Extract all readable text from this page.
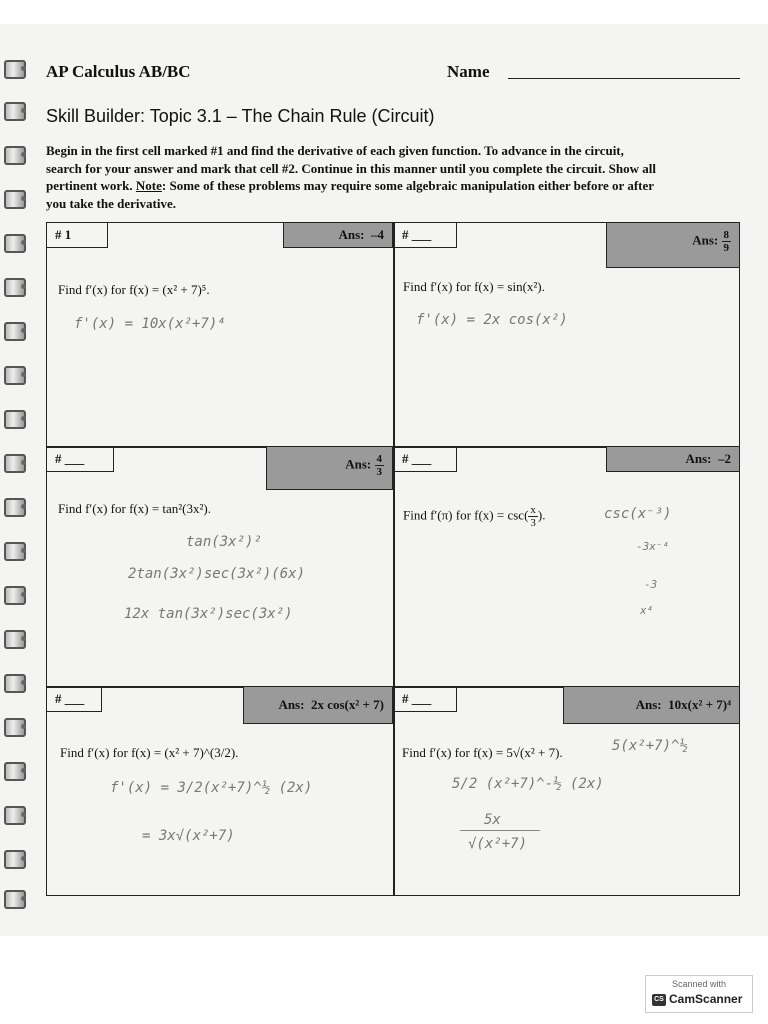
AP Calculus AB/BC	Name
Skill Builder: Topic 3.1 – The Chain Rule (Circuit)

Begin in the first cell marked #1 and find the derivative of each given function. To advance in the circuit,

search for your answer and mark that cell #2. Continue in this manner until you complete the circuit. Show all

pertinent work. Note: Some of these problems may require some algebraic manipulation either before or after

you take the derivative.

# 1	Ans: –4
Find f′(x) for f(x) = (x² + 7)⁵.
f'(x) = 10x(x²+7)⁴
# ___	Ans: $\frac{8}{9}$
Find f′(x) for f(x) = sin(x²).
f'(x) = 2x cos(x²)
# ___	Ans: $\frac{4}{3}$
Find f′(x) for f(x) = tan²(3x²).
tan(3x²)²
2tan(3x²)sec(3x²)(6x)
12x tan(3x²)sec(3x²)
# ___	Ans: –2
Find f′(π) for $f(x) = \csc( \frac{x}{3}$ ).	csc(x⁻³)
-3x⁻⁴
-3
x⁴
# ___	Ans: 2x cos(x² + 7)
Find f′(x) for f(x) = (x² + 7)^(3/2).
f'(x) = 3/2(x²+7)^½ (2x)
= 3x√(x²+7)
# ___	Ans: 10x(x² + 7)⁴
Find f′(x) for f(x) = 5√(x² + 7).	5(x²+7)^½
5/2 (x²+7)^-½ (2x)
5x
√(x²+7)
Scanned with
CS CamScanner
